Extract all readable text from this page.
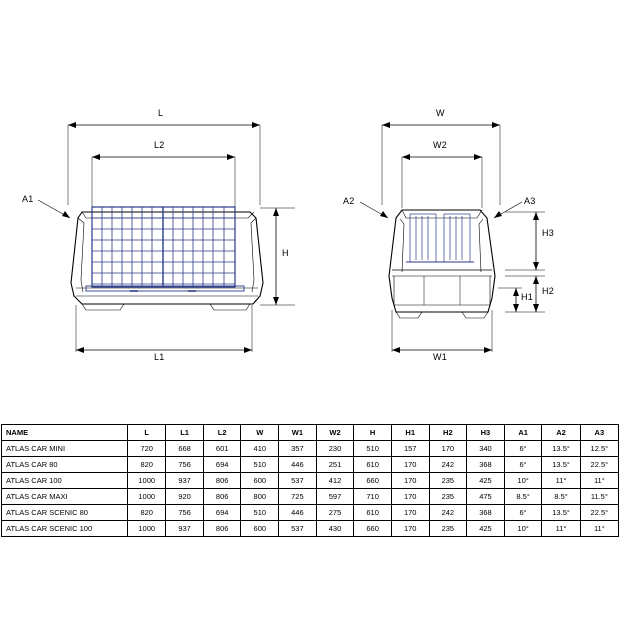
L
L2
L1
H
A1
W
W2
W1
H3
H2
H1
A2	A3
NAME	L	L1	L2	W	W1	W2	H	H1	H2	H3	A1	A2	A3
ATLAS CAR MINI	720	668	601	410	357	230	510	157	170	340	6°	13.5°	12.5°
ATLAS CAR 80	820	756	694	510	446	251	610	170	242	368	6°	13.5°	22.5°
ATLAS CAR 100	1000	937	806	600	537	412	660	170	235	425	10°	11°	11°
ATLAS CAR MAXI	1000	920	806	800	725	597	710	170	235	475	8.5°	8.5°	11.5°
ATLAS CAR SCENIC 80	820	756	694	510	446	275	610	170	242	368	6°	13.5°	22.5°
ATLAS CAR SCENIC 100	1000	937	806	600	537	430	660	170	235	425	10°	11°	11°
